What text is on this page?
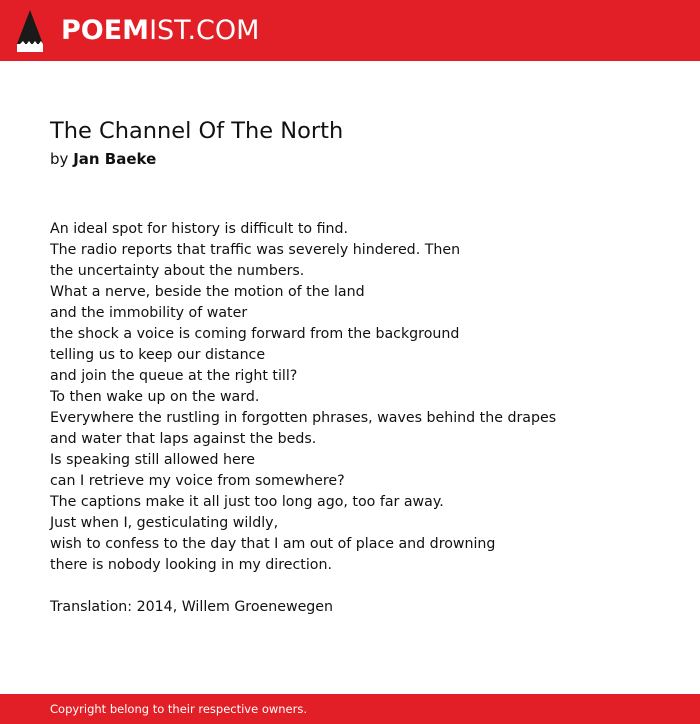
POEMIST.COM
The Channel Of The North
by Jan Baeke
An ideal spot for history is difficult to find.
The radio reports that traffic was severely hindered. Then
the uncertainty about the numbers.
What a nerve, beside the motion of the land
and the immobility of water
the shock a voice is coming forward from the background
telling us to keep our distance
and join the queue at the right till?
To then wake up on the ward.
Everywhere the rustling in forgotten phrases, waves behind the drapes
and water that laps against the beds.
Is speaking still allowed here
can I retrieve my voice from somewhere?
The captions make it all just too long ago, too far away.
Just when I, gesticulating wildly,
wish to confess to the day that I am out of place and drowning
there is nobody looking in my direction.
Translation: 2014, Willem Groenewegen
Copyright belong to their respective owners.
